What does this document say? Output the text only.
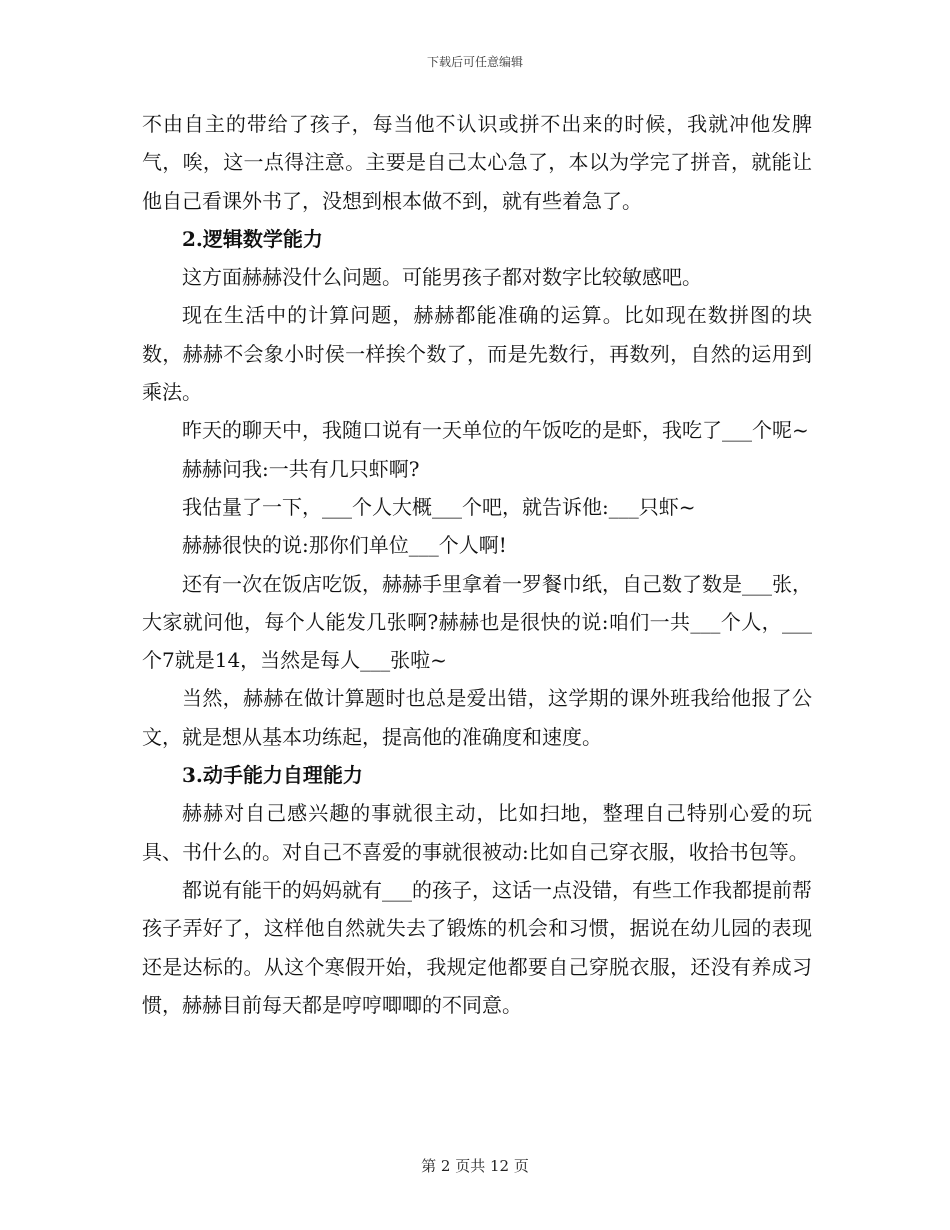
下载后可任意编辑

不由自主的带给了孩子，每当他不认识或拼不出来的时候，我就冲他发脾气，唉，这一点得注意。主要是自己太心急了，本以为学完了拼音，就能让他自己看课外书了，没想到根本做不到，就有些着急了。

2.逻辑数学能力

这方面赫赫没什么问题。可能男孩子都对数字比较敏感吧。

现在生活中的计算问题，赫赫都能准确的运算。比如现在数拼图的块数，赫赫不会象小时侯一样挨个数了，而是先数行，再数列，自然的运用到乘法。

昨天的聊天中，我随口说有一天单位的午饭吃的是虾，我吃了___个呢~

赫赫问我:一共有几只虾啊?

我估量了一下，___个人大概___个吧，就告诉他:___只虾~

赫赫很快的说:那你们单位___个人啊!

还有一次在饭店吃饭，赫赫手里拿着一罗餐巾纸，自己数了数是___张，大家就问他，每个人能发几张啊?赫赫也是很快的说:咱们一共___个人，___个7就是14，当然是每人___张啦~

当然，赫赫在做计算题时也总是爱出错，这学期的课外班我给他报了公文，就是想从基本功练起，提高他的准确度和速度。

3.动手能力自理能力

赫赫对自己感兴趣的事就很主动，比如扫地，整理自己特别心爱的玩具、书什么的。对自己不喜爱的事就很被动:比如自己穿衣服，收拾书包等。

都说有能干的妈妈就有___的孩子，这话一点没错，有些工作我都提前帮孩子弄好了，这样他自然就失去了锻炼的机会和习惯，据说在幼儿园的表现还是达标的。从这个寒假开始，我规定他都要自己穿脱衣服，还没有养成习惯，赫赫目前每天都是哼哼唧唧的不同意。

第 2 页共 12 页
